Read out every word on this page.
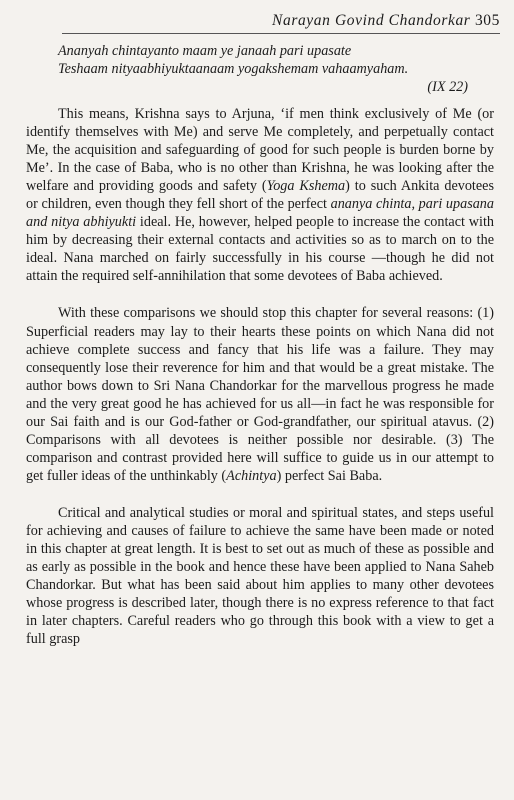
Narayan Govind Chandorkar 305
Ananyah chintayanto maam ye janaah pari upasate
Teshaam nityaabhiyuktaanaam yogakshemam vahaamyaham.
(IX 22)

This means, Krishna says to Arjuna, ‘if men think exclusively of Me (or identify themselves with Me) and serve Me completely, and perpetually contact Me, the acquisition and safeguarding of good for such people is burden borne by Me’. In the case of Baba, who is no other than Krishna, he was looking after the welfare and providing goods and safety (Yoga Kshema) to such Ankita devotees or children, even though they fell short of the perfect ananya chinta, pari upasana and nitya abhiyukti ideal. He, however, helped people to increase the contact with him by decreasing their external contacts and activities so as to march on to the ideal. Nana marched on fairly successfully in his course —though he did not attain the required self-annihilation that some devotees of Baba achieved.

With these comparisons we should stop this chapter for several reasons: (1) Superficial readers may lay to their hearts these points on which Nana did not achieve complete success and fancy that his life was a failure. They may consequently lose their reverence for him and that would be a great mistake. The author bows down to Sri Nana Chandorkar for the marvellous progress he made and the very great good he has achieved for us all—in fact he was responsible for our Sai faith and is our God-father or God-grandfather, our spiritual atavus. (2) Comparisons with all devotees is neither possible nor desirable. (3) The comparison and contrast provided here will suffice to guide us in our attempt to get fuller ideas of the unthinkably (Achintya) perfect Sai Baba.

Critical and analytical studies or moral and spiritual states, and steps useful for achieving and causes of failure to achieve the same have been made or noted in this chapter at great length. It is best to set out as much of these as possible and as early as possible in the book and hence these have been applied to Nana Saheb Chandorkar. But what has been said about him applies to many other devotees whose progress is described later, though there is no express reference to that fact in later chapters. Careful readers who go through this book with a view to get a full grasp
